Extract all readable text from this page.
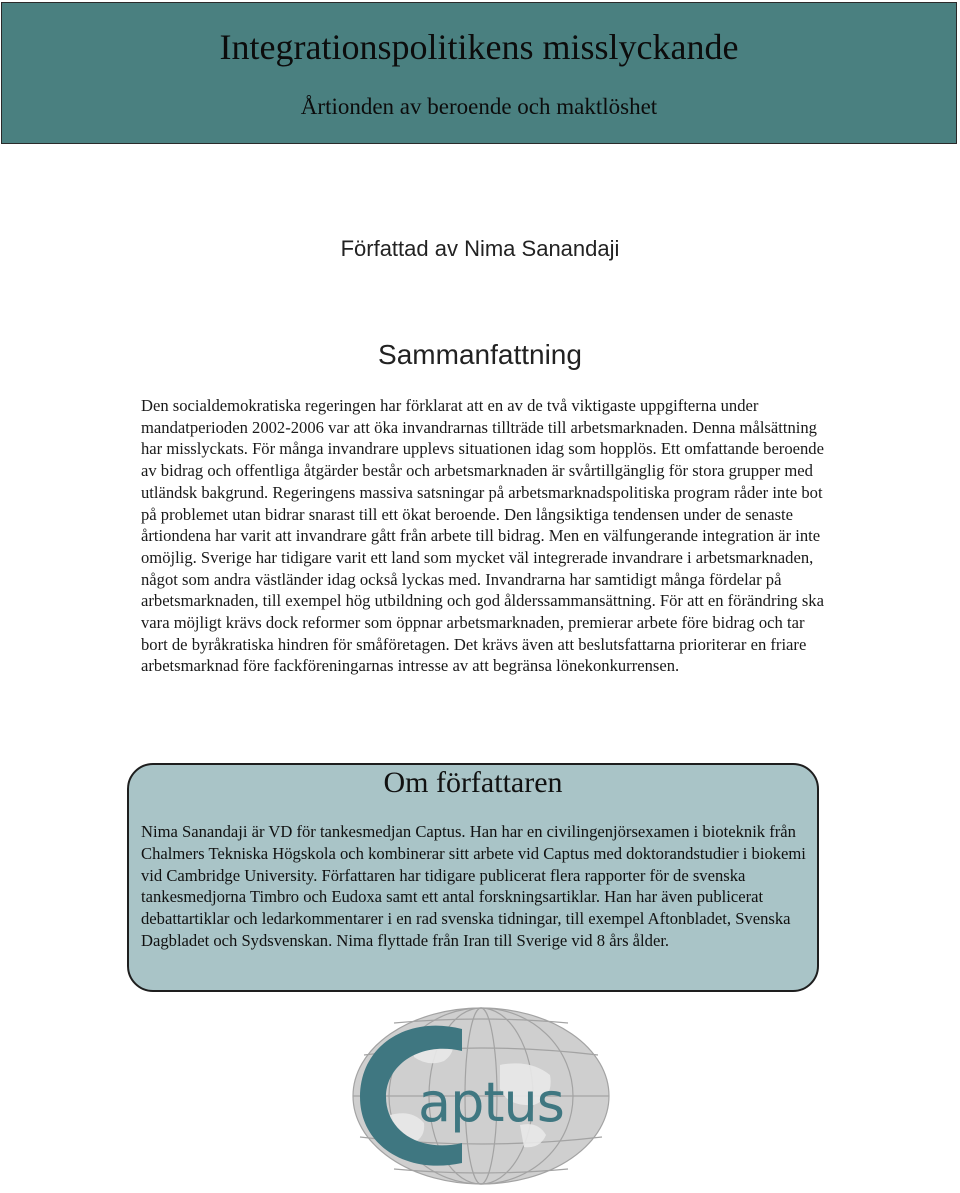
Integrationspolitikens misslyckande
Årtionden av beroende och maktlöshet
Författad av Nima Sanandaji
Sammanfattning
Den socialdemokratiska regeringen har förklarat att en av de två viktigaste uppgifterna under mandatperioden 2002-2006 var att öka invandrarnas tillträde till arbetsmarknaden. Denna målsättning har misslyckats. För många invandrare upplevs situationen idag som hopplös. Ett omfattande beroende av bidrag och offentliga åtgärder består och arbetsmarknaden är svårtillgänglig för stora grupper med utländsk bakgrund. Regeringens massiva satsningar på arbetsmarknadspolitiska program råder inte bot på problemet utan bidrar snarast till ett ökat beroende. Den långsiktiga tendensen under de senaste årtiondena har varit att invandrare gått från arbete till bidrag. Men en välfungerande integration är inte omöjlig. Sverige har tidigare varit ett land som mycket väl integrerade invandrare i arbetsmarknaden, något som andra västländer idag också lyckas med. Invandrarna har samtidigt många fördelar på arbetsmarknaden, till exempel hög utbildning och god ålderssammansättning. För att en förändring ska vara möjligt krävs dock reformer som öppnar arbetsmarknaden, premierar arbete före bidrag och tar bort de byråkratiska hindren för småföretagen. Det krävs även att beslutsfattarna prioriterar en friare arbetsmarknad före fackföreningarnas intresse av att begränsa lönekonkurrensen.
Om författaren
Nima Sanandaji är VD för tankesmedjan Captus. Han har en civilingenjörsexamen i bioteknik från Chalmers Tekniska Högskola och kombinerar sitt arbete vid Captus med doktorandstudier i biokemi vid Cambridge University. Författaren har tidigare publicerat flera rapporter för de svenska tankesmedjorna Timbro och Eudoxa samt ett antal forskningsartiklar. Han har även publicerat debattartiklar och ledarkommentarer i en rad svenska tidningar, till exempel Aftonbladet, Svenska Dagbladet och Sydsvenskan. Nima flyttade från Iran till Sverige vid 8 års ålder.
aptus
